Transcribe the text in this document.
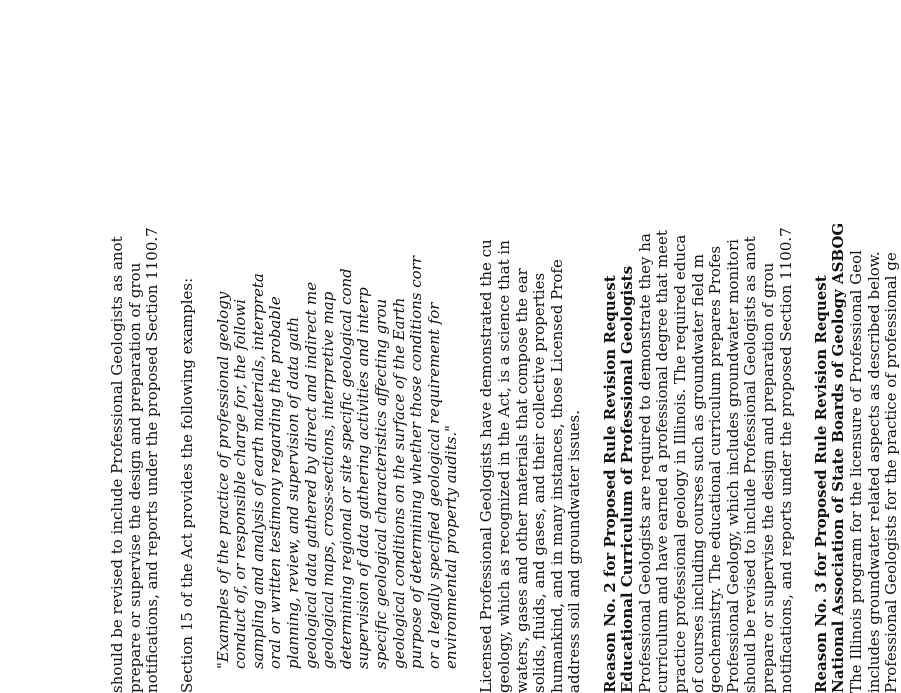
should be revised to include Professional Geologists as anot prepare or supervise the design and preparation of grou notifications, and reports under the proposed Section 1100.7 Section 15 of the Act provides the following examples: "Examples of the practice of professional geology conduct of, or responsible charge for, the followi sampling and analysis of earth materials, interpreta oral or written testimony regarding the probable planning, review, and supervision of data gath geological data gathered by direct and indirect me geological maps, cross-sections, interpretive map determining regional or site specific geological cond supervision of data gathering activities and interp specific geological characteristics affecting grou geological conditions on the surface of the Earth purpose of determining whether those conditions corr or a legally specified geological requirement for environmental property audits." Licensed Professional Geologists have demonstrated the cu geology, which as recognized in the Act, is a science that in waters, gases and other materials that compose the ear solids, fluids, and gases, and their collective properties humankind, and in many instances, those Licensed Profe address soil and groundwater issues. Reason No. 2 for Proposed Rule Revision Request Educational Curriculum of Professional Geologists Professional Geologists are required to demonstrate they ha curriculum and have earned a professional degree that meet practice professional geology in Illinois. The required educa of courses including courses such as groundwater field m geochemistry. The educational curriculum prepares Profes Professional Geology, which includes groundwater monitori should be revised to include Professional Geologists as anot prepare or supervise the design and preparation of grou notifications, and reports under the proposed Section 1100.7 Reason No. 3 for Proposed Rule Revision Request National Association of State Boards of Geology ASBOG The Illinois program for the licensure of Professional Geol includes groundwater related aspects as described below. Professional Geologists for the practice of professional ge
